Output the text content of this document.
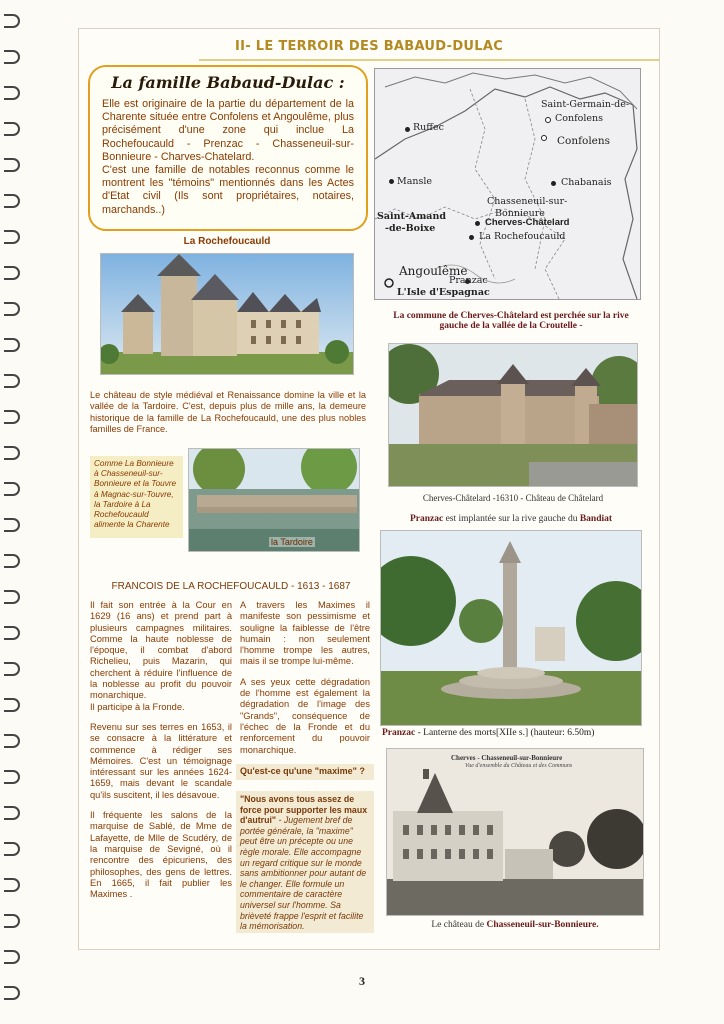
II- LE TERROIR DES BABAUD-DULAC
La famille Babaud-Dulac :

Elle est originaire de la partie du département de la Charente située entre Confolens et Angoulême, plus précisément d'une zone qui inclue La Rochefoucauld - Prenzac - Chasseneuil-sur-Bonnieure - Charves-Chatelard.

C'est une famille de notables reconnus comme le montrent les "témoins" mentionnés dans les Actes d'Etat civil (Ils sont propriétaires, notaires, marchands..)

Ruffec
Saint-Germain-de-
Confolens
Confolens
Mansle	Chabanais
Chasseneuil-sur-
Bonnieure
Cherves-Châtelard
Saint-Amand
-de-Boixe
La Rochefoucauld
Angoulême
Pranzac
L'Isle d'Espagnac
La Rochefoucauld
Le château de style médiéval et Renaissance domine la ville et la vallée de la Tardoire. C'est, depuis plus de mille ans, la demeure historique de la famille de La Rochefoucauld, une des plus nobles familles de France.
Comme La Bonnieure à Chasseneuil-sur-Bonnieure et la Touvre à Magnac-sur-Touvre, la Tardoire à La Rochefoucauld alimente la Charente
la Tardoire
FRANCOIS DE LA ROCHEFOUCAULD - 1613 - 1687

Il fait son entrée à la Cour en 1629 (16 ans) et prend part à plusieurs campagnes militaires. Comme la haute noblesse de l'époque, il combat d'abord Richelieu, puis Mazarin, qui cherchent à réduire l'influence de la noblesse au profit du pouvoir monarchique.
Il participe à la Fronde.

Revenu sur ses terres en 1653, il se consacre à la littérature et commence à rédiger ses Mémoires. C'est un témoignage intéressant sur les années 1624-1659, mais devant le scandale qu'ils suscitent, il les désavoue.

Il fréquente les salons de la marquise de Sablé, de Mme de Lafayette, de Mlle de Scudéry, de la marquise de Sevigné, où il rencontre des épicuriens, des philosophes, des gens de lettres. En 1665, il fait publier les Maximes .

A travers les Maximes il manifeste son pessimisme et souligne la faiblesse de l'être humain : non seulement l'homme trompe les autres, mais il se trompe lui-même.

A ses yeux cette dégradation de l'homme est également la dégradation de l'image des "Grands", conséquence de l'échec de la Fronde et du renforcement du pouvoir monarchique.

Qu'est-ce qu'une "maxime" ?
"Nous avons tous assez de force pour supporter les maux d'autrui" - Jugement bref de portée générale, la "maxime" peut être un précepte ou une règle morale. Elle accompagne un regard critique sur le monde sans ambitionner pour autant de le changer. Elle formule un commentaire de caractère universel sur l'homme. Sa brièveté frappe l'esprit et facilite la mémorisation.
La commune de Cherves-Châtelard est perchée sur la rive gauche de la vallée de la Croutelle -
Cherves-Châtelard -16310 - Château de Châtelard
Pranzac est implantée sur la rive gauche du Bandiat
Pranzac - Lanterne des morts[XIIe s.] (hauteur: 6.50m)
Cherves - Chasseneuil-sur-Bonnieure
Vue d'ensemble du Château et des Communs
Le château de Chasseneuil-sur-Bonnieure.
3
